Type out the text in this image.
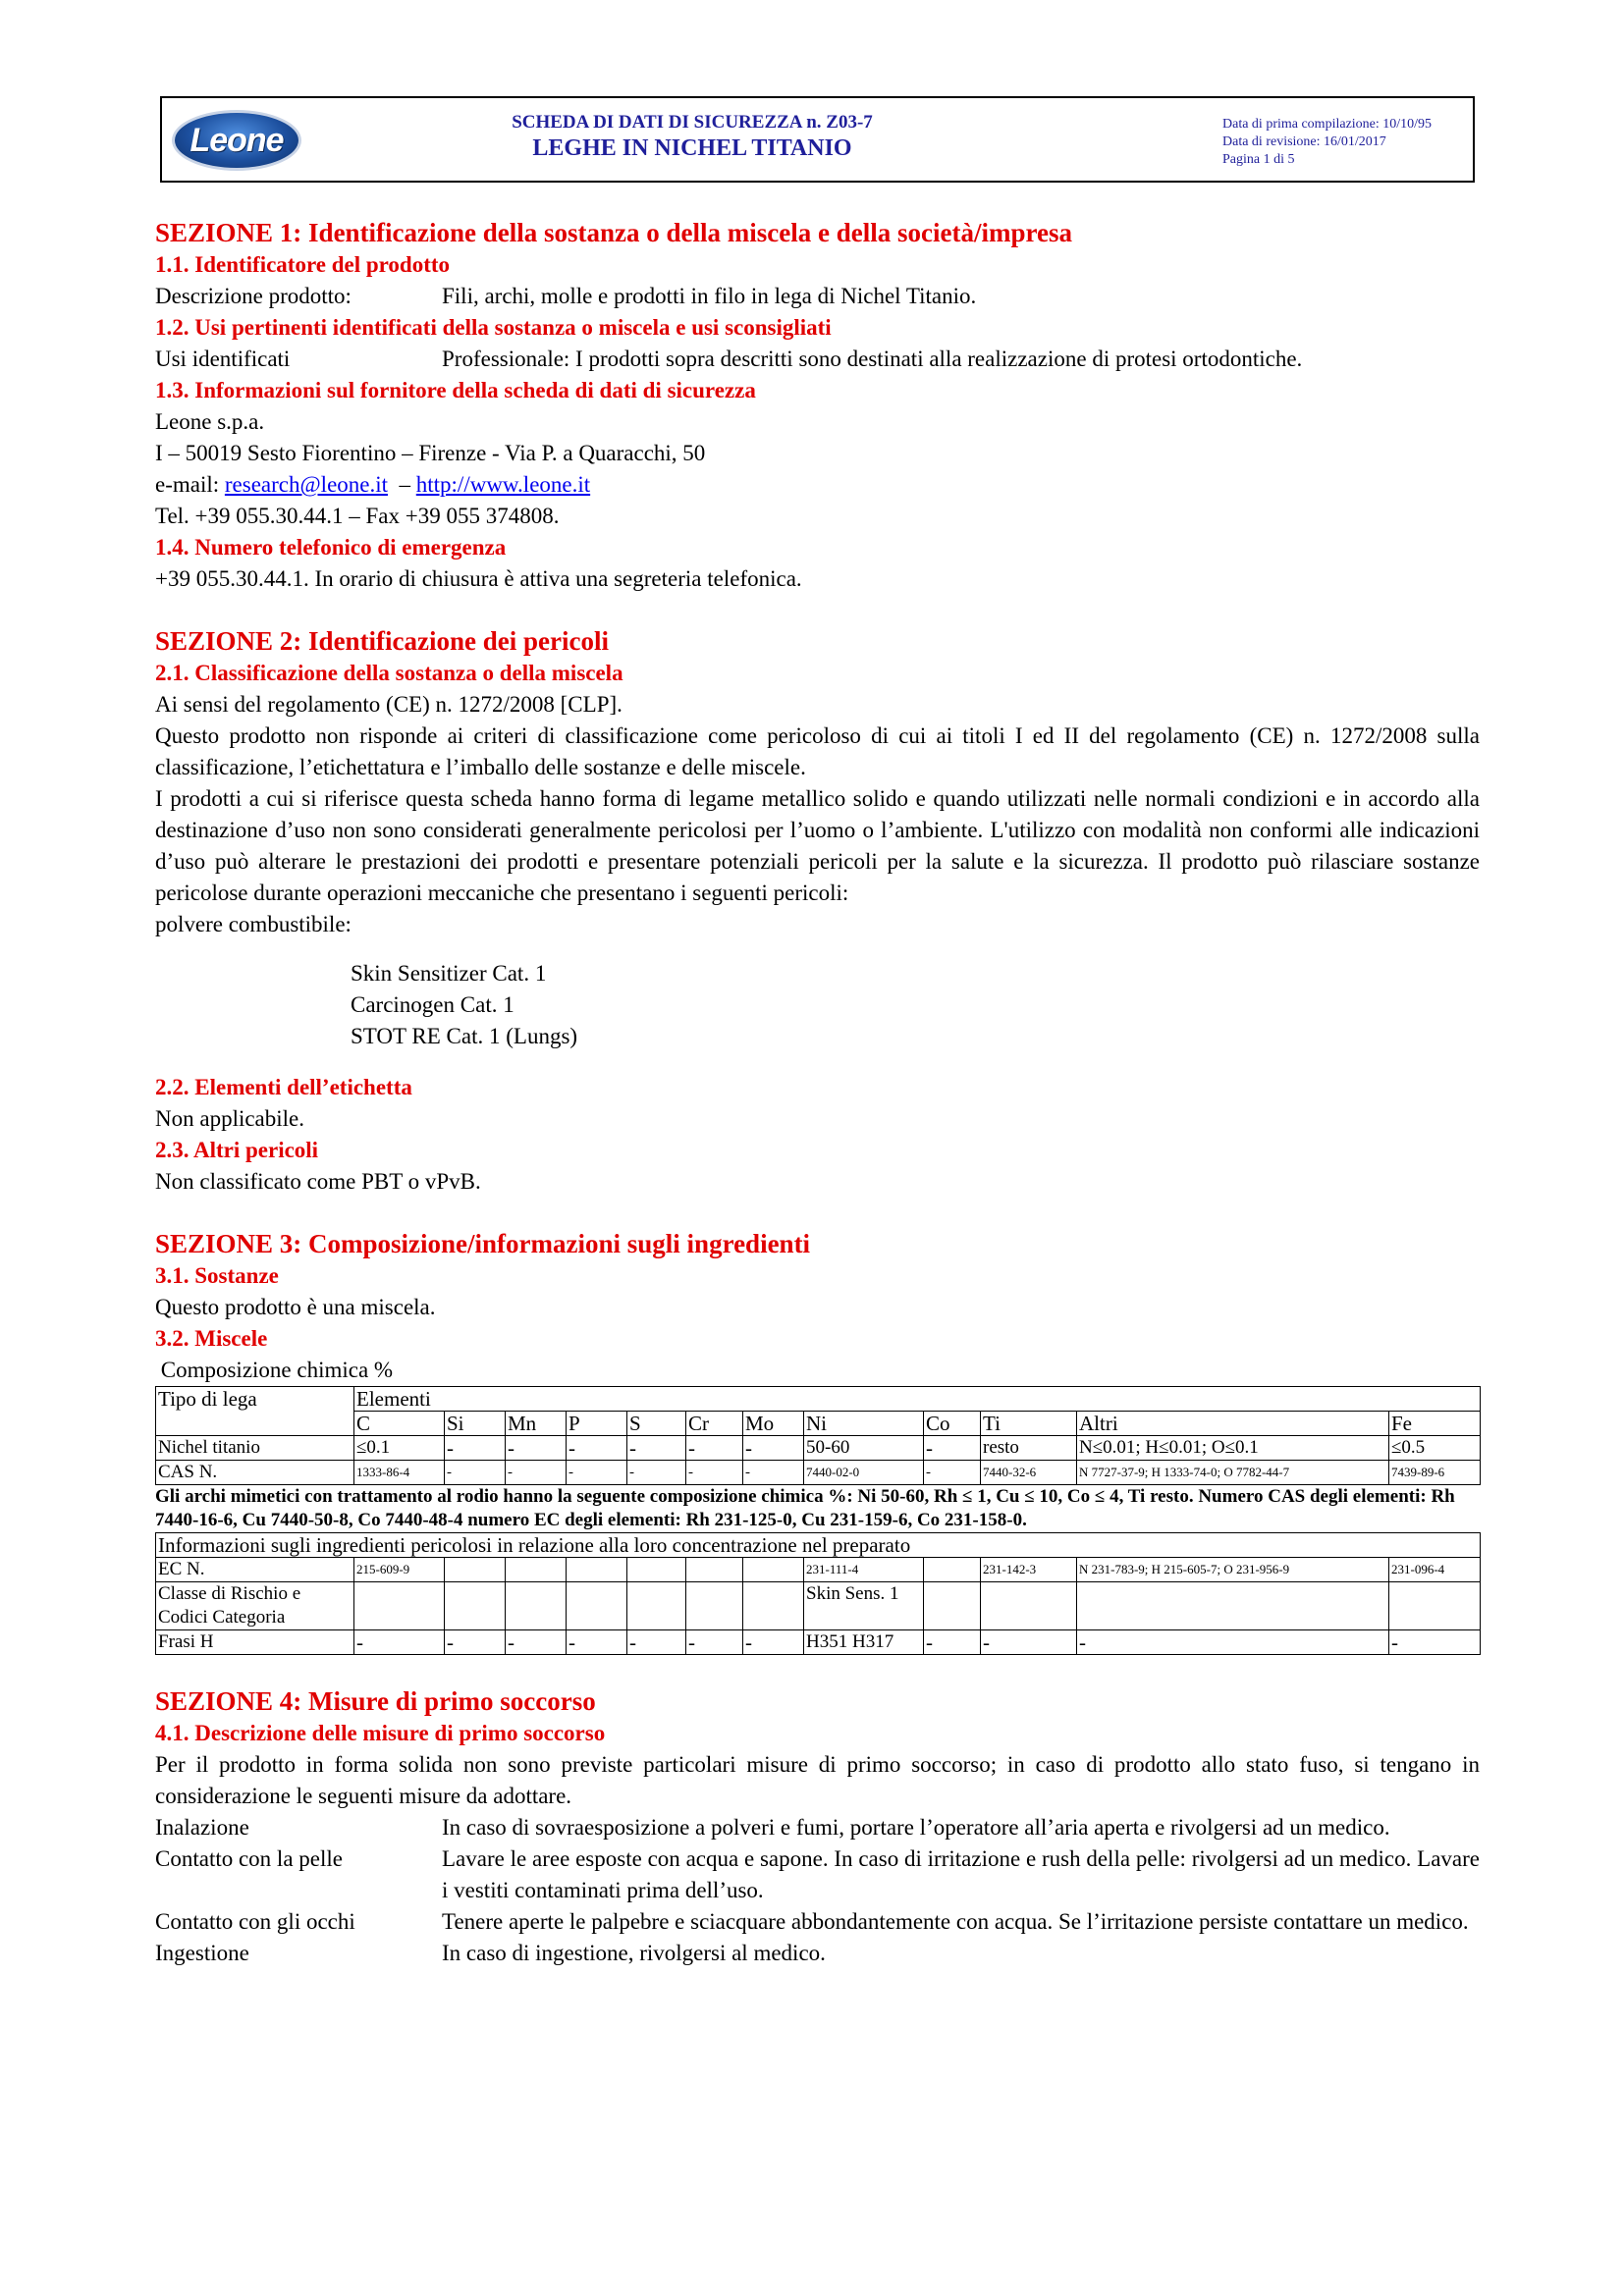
Leone	SCHEDA DI DATI DI SICUREZZA n. Z03-7
LEGHE IN NICHEL TITANIO
Data di prima compilazione: 10/10/95
Data di revisione: 16/01/2017
Pagina 1 di 5
SEZIONE 1: Identificazione della sostanza o della miscela e della società/impresa
1.1. Identificatore del prodotto
Descrizione prodotto:	Fili, archi, molle e prodotti in filo in lega di Nichel Titanio.
1.2. Usi pertinenti identificati della sostanza o miscela e usi sconsigliati
Usi identificati	Professionale: I prodotti sopra descritti sono destinati alla realizzazione di protesi ortodontiche.
1.3. Informazioni sul fornitore della scheda di dati di sicurezza
Leone s.p.a.
I – 50019 Sesto Fiorentino – Firenze - Via P. a Quaracchi, 50
e-mail: research@leone.it  – http://www.leone.it
Tel. +39 055.30.44.1 – Fax +39 055 374808.
1.4. Numero telefonico di emergenza
+39 055.30.44.1. In orario di chiusura è attiva una segreteria telefonica.
SEZIONE 2: Identificazione dei pericoli
2.1. Classificazione della sostanza o della miscela
Ai sensi del regolamento (CE) n. 1272/2008 [CLP].
Questo prodotto non risponde ai criteri di classificazione come pericoloso di cui ai titoli I ed II del regolamento (CE) n. 1272/2008 sulla classificazione, l’etichettatura e l’imballo delle sostanze e delle miscele.
I prodotti a cui si riferisce questa scheda hanno forma di legame metallico solido e quando utilizzati nelle normali condizioni e in accordo alla destinazione d’uso non sono considerati generalmente pericolosi per l’uomo o l’ambiente. L'utilizzo con modalità non conformi alle indicazioni d’uso può alterare le prestazioni dei prodotti e presentare potenziali pericoli per la salute e la sicurezza. Il prodotto può rilasciare sostanze pericolose durante operazioni meccaniche che presentano i seguenti pericoli:
polvere combustibile:
Skin Sensitizer Cat. 1
Carcinogen Cat. 1
STOT RE Cat. 1 (Lungs)
2.2. Elementi dell’etichetta
Non applicabile.
2.3. Altri pericoli
Non classificato come PBT o vPvB.
SEZIONE 3: Composizione/informazioni sugli ingredienti
3.1. Sostanze
Questo prodotto è una miscela.
3.2. Miscele
Composizione chimica %
Tipo di lega	Elementi											
	C	Si	Mn	P	S	Cr	Mo	Ni	Co	Ti	Altri	Fe
Nichel titanio	≤0.1	-	-	-	-	-	-	50-60	-	resto	N≤0.01; H≤0.01; O≤0.1	≤0.5
CAS N.	1333-86-4	-	-	-	-	-	-	7440-02-0	-	7440-32-6	N 7727-37-9; H 1333-74-0; O 7782-44-7	7439-89-6
Gli archi mimetici con trattamento al rodio hanno la seguente composizione chimica %: Ni 50-60, Rh ≤ 1, Cu ≤ 10, Co ≤ 4, Ti resto. Numero CAS degli elementi: Rh 7440-16-6, Cu 7440-50-8, Co 7440-48-4 numero EC degli elementi: Rh 231-125-0, Cu 231-159-6, Co 231-158-0.
Informazioni sugli ingredienti pericolosi in relazione alla loro concentrazione nel preparato												
EC N.	215-609-9							231-111-4		231-142-3	N 231-783-9; H 215-605-7; O 231-956-9	231-096-4

Classe di Rischio e
Codici Categoria								Skin Sens. 1				
Frasi H	-	-	-	-	-	-	-	H351 H317	-	-	-	-
SEZIONE 4: Misure di primo soccorso
4.1. Descrizione delle misure di primo soccorso
Per il prodotto in forma solida non sono previste particolari misure di primo soccorso; in caso di prodotto allo stato fuso, si tengano in considerazione le seguenti misure da adottare.
Inalazione	In caso di sovraesposizione a polveri e fumi, portare l’operatore all’aria aperta e rivolgersi ad un medico.
Contatto con la pelle	Lavare le aree esposte con acqua e sapone. In caso di irritazione e rush della pelle: rivolgersi ad un medico. Lavare i vestiti contaminati prima dell’uso.
Contatto con gli occhi	Tenere aperte le palpebre e sciacquare abbondantemente con acqua. Se l’irritazione persiste contattare un medico.
Ingestione	In caso di ingestione, rivolgersi al medico.
